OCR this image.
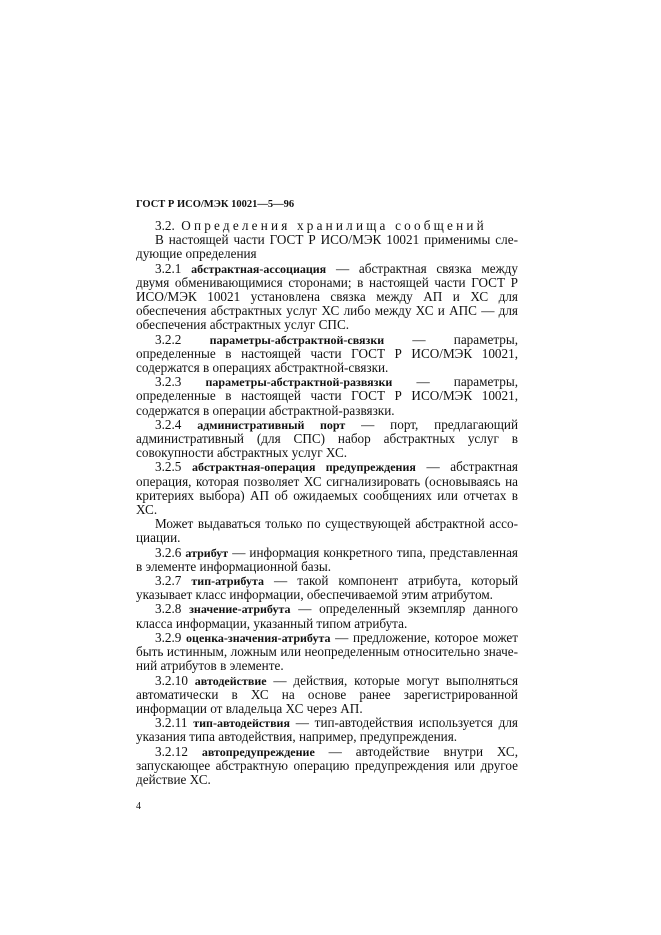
ГОСТ Р ИСО/МЭК 10021—5—96

3.2. Определения хранилища сообщений

В настоящей части ГОСТ Р ИСО/МЭК 10021 применимы следующие определения

3.2.1 абстрактная-ассоциация — абстрактная связка между двумя обменивающимися сторонами; в настоящей части ГОСТ Р ИСО/МЭК 10021 установлена связка между АП и ХС для обеспечения абстрактных услуг ХС либо между ХС и АПС — для обеспечения абстрактных услуг СПС.

3.2.2 параметры-абстрактной-связки — параметры, определенные в настоящей части ГОСТ Р ИСО/МЭК 10021, содержатся в операциях абстрактной-связки.

3.2.3 параметры-абстрактной-развязки — параметры, определенные в настоящей части ГОСТ Р ИСО/МЭК 10021, содержатся в операции абстрактной-развязки.

3.2.4 административный порт — порт, предлагающий административный (для СПС) набор абстрактных услуг в совокупности абстрактных услуг ХС.

3.2.5 абстрактная-операция предупреждения — абстрактная операция, которая позволяет ХС сигнализировать (основываясь на критериях выбора) АП об ожидаемых сообщениях или отчетах в ХС.

Может выдаваться только по существующей абстрактной ассоциации.

3.2.6 атрибут — информация конкретного типа, представленная в элементе информационной базы.

3.2.7 тип-атрибута — такой компонент атрибута, который указывает класс информации, обеспечиваемой этим атрибутом.

3.2.8 значение-атрибута — определенный экземпляр данного класса информации, указанный типом атрибута.

3.2.9 оценка-значения-атрибута — предложение, которое может быть истинным, ложным или неопределенным относительно значений атрибутов в элементе.

3.2.10 автодействие — действия, которые могут выполняться автоматически в ХС на основе ранее зарегистрированной информации от владельца ХС через АП.

3.2.11 тип-автодействия — тип-автодействия используется для указания типа автодействия, например, предупреждения.

3.2.12 автопредупреждение — автодействие внутри ХС, запускающее абстрактную операцию предупреждения или другое действие ХС.

4
